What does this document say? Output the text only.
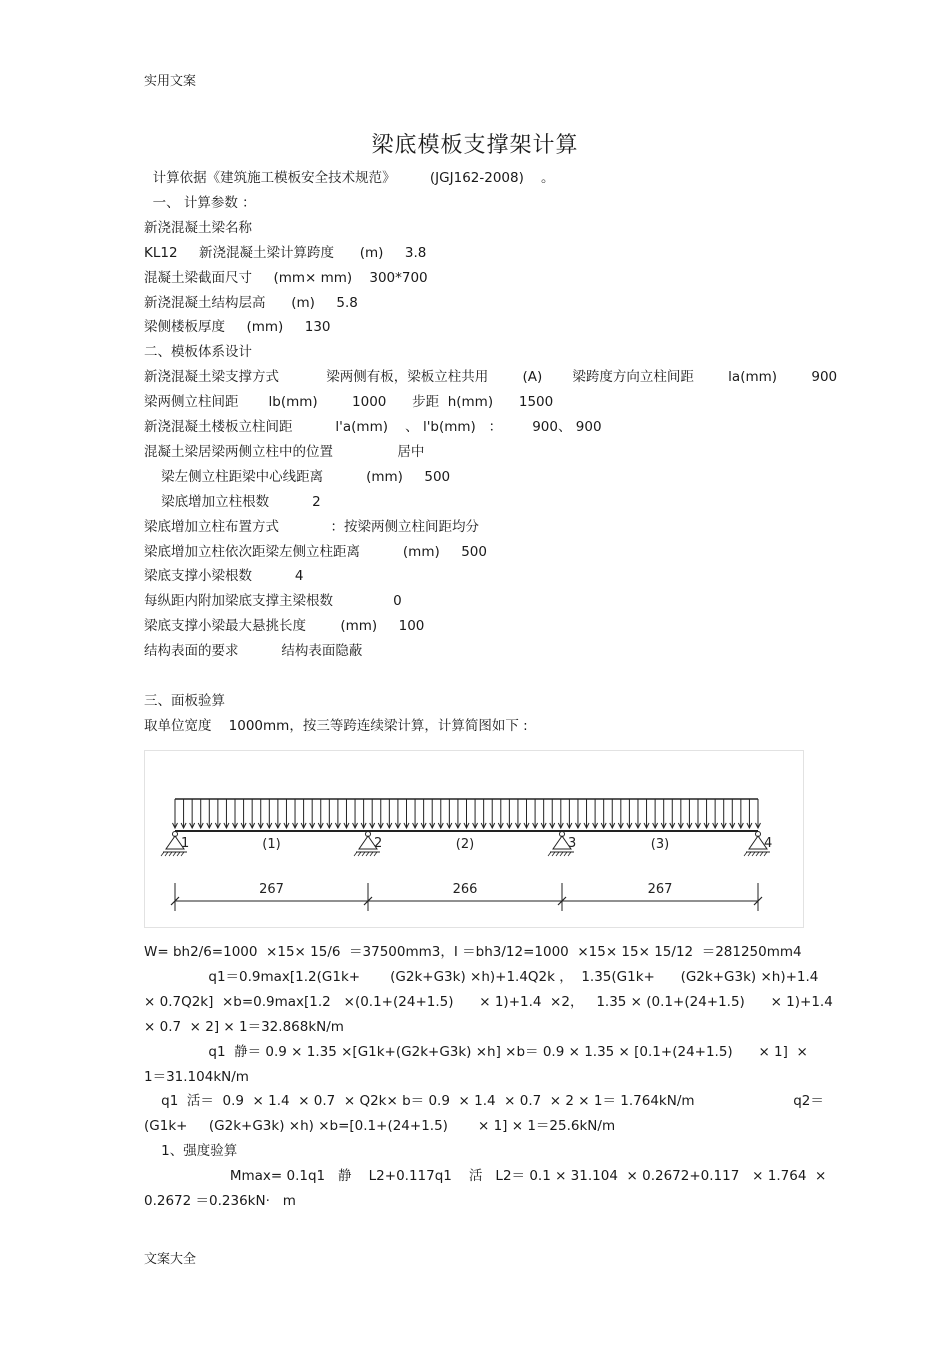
实用文案
梁底模板支撑架计算
计算依据《建筑施工模板安全技术规范》        (JGJ162-2008)    。
一、 计算参数 ：
新浇混凝土梁名称
KL12     新浇混凝土梁计算跨度      (m)     3.8
混凝土梁截面尺寸     (mm× mm)    300*700
新浇混凝土结构层高      (m)     5.8
梁侧楼板厚度     (mm)     130
二、模板体系设计
新浇混凝土梁支撑方式           梁两侧有板，梁板立柱共用        (A)       梁跨度方向立柱间距        la(mm)        900
梁两侧立柱间距       lb(mm)        1000      步距  h(mm)      1500
新浇混凝土楼板立柱间距          l'a(mm)    、 l'b(mm)   ：       900、 900
混凝土梁居梁两侧立柱中的位置               居中
梁左侧立柱距梁中心线距离          (mm)     500
梁底增加立柱根数          2
梁底增加立柱布置方式            ：按梁两侧立柱间距均分
梁底增加立柱依次距梁左侧立柱距离          (mm)     500
梁底支撑小梁根数          4
每纵距内附加梁底支撑主梁根数              0
梁底支撑小梁最大悬挑长度        (mm)     100
结构表面的要求          结构表面隐蔽
三、面板验算
取单位宽度    1000mm，按三等跨连续梁计算，计算简图如下 :
1	2	3	4
(1)	(2)	(3)
267	266	267
W= bh2/6=1000  ×15× 15/6  ＝37500mm3，I ＝bh3/12=1000  ×15× 15× 15/12  ＝281250mm4
q1＝0.9max[1.2(G1k+       (G2k+G3k) ×h)+1.4Q2k ，  1.35(G1k+      (G2k+G3k) ×h)+1.4
× 0.7Q2k]  ×b=0.9max[1.2   ×(0.1+(24+1.5)      × 1)+1.4  ×2，   1.35 × (0.1+(24+1.5)      × 1)+1.4
× 0.7  × 2] × 1＝32.868kN/m
q1  静＝ 0.9 × 1.35 ×[G1k+(G2k+G3k) ×h] ×b＝ 0.9 × 1.35 × [0.1+(24+1.5)      × 1]  ×
1＝31.104kN/m
q1  活＝  0.9  × 1.4  × 0.7  × Q2k× b＝ 0.9  × 1.4  × 0.7  × 2 × 1＝ 1.764kN/m                       q2＝
(G1k+     (G2k+G3k) ×h) ×b=[0.1+(24+1.5)       × 1] × 1＝25.6kN/m
1、强度验算
Mmax= 0.1q1   静    L2+0.117q1    活   L2＝ 0.1 × 31.104  × 0.2672+0.117   × 1.764  ×
0.2672 ＝0.236kN·   m
文案大全
